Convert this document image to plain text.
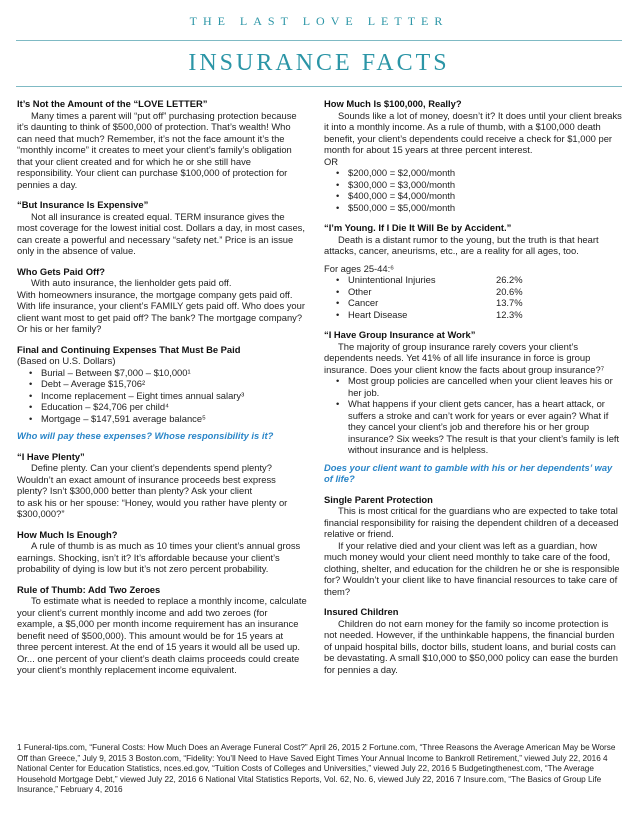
THE LAST LOVE LETTER
INSURANCE FACTS
It’s Not the Amount of the “LOVE LETTER”
Many times a parent will “put off” purchasing protection because it’s daunting to think of $500,000 of protection. That’s wealth! Who can need that much? Remember, it’s not the face amount it’s the “monthly income” it creates to meet your client’s family’s obligation that your client created and for which he or she still have responsibility. Your client can purchase $100,000 of protection for pennies a day.
“But Insurance Is Expensive”
Not all insurance is created equal. TERM insurance gives the most coverage for the lowest initial cost. Dollars a day, in most cases, can create a powerful and necessary “safety net.” Price is an issue only in the absence of value.
Who Gets Paid Off?
With auto insurance, the lienholder gets paid off.
With homeowners insurance, the mortgage company gets paid off. With life insurance, your client’s FAMILY gets paid off. Who does your client want most to get paid off? The bank? The mortgage company? Or his or her family?
Final and Continuing Expenses That Must Be Paid
(Based on U.S. Dollars)
• Burial – Between $7,000 – $10,000¹
• Debt – Average $15,706²
• Income replacement – Eight times annual salary³
• Education – $24,706 per child⁴
• Mortgage – $147,591 average balance⁵
Who will pay these expenses? Whose responsibility is it?
“I Have Plenty”
Define plenty. Can your client’s dependents spend plenty? Wouldn’t an exact amount of insurance proceeds best express plenty? Isn’t $300,000 better than plenty? Ask your client
to ask his or her spouse: “Honey, would you rather have plenty or $300,000?”
How Much Is Enough?
A rule of thumb is as much as 10 times your client’s annual gross earnings. Shocking, isn’t it? It’s affordable because your client’s probability of dying is low but it’s not zero percent probability.
Rule of Thumb: Add Two Zeroes
To estimate what is needed to replace a monthly income, calculate your client’s current monthly income and add two zeroes (for example, a $5,000 per month income requirement has an insurance benefit need of $500,000). This amount would be for 15 years at three percent interest. At the end of 15 years it would all be used up. Or... one percent of your client’s death claims proceeds could create your client’s monthly replacement income equivalent.
How Much Is $100,000, Really?
Sounds like a lot of money, doesn’t it? It does until your client breaks it into a monthly income. As a rule of thumb, with a $100,000 death benefit, your client’s dependents could receive a check for $1,000 per month for about 15 years at three percent interest.
OR
• $200,000 = $2,000/month
• $300,000 = $3,000/month
• $400,000 = $4,000/month
• $500,000 = $5,000/month
“I’m Young. If I Die It Will Be by Accident.”
Death is a distant rumor to the young, but the truth is that heart attacks, cancer, aneurisms, etc., are a reality for all ages, too.
For ages 25-44:⁶
• Unintentional Injuries	26.2%
• Other	20.6%
• Cancer	13.7%
• Heart Disease	12.3%
“I Have Group Insurance at Work”
The majority of group insurance rarely covers your client’s dependents needs. Yet 41% of all life insurance in force is group insurance. Does your client know the facts about group insurance?⁷
• Most group policies are cancelled when your client leaves his or her job.
• What happens if your client gets cancer, has a heart attack, or suffers a stroke and can’t work for years or ever again? What if they cancel your client’s job and therefore his or her group insurance? Six weeks? The result is that your client’s family is left without insurance and is helpless.
Does your client want to gamble with his or her dependents’ way of life?
Single Parent Protection
This is most critical for the guardians who are expected to take total financial responsibility for raising the dependent children of a deceased relative or friend.
If your relative died and your client was left as a guardian, how much money would your client need monthly to take care of the food, clothing, shelter, and education for the children he or she is responsible for? Wouldn’t your client like to have financial resources to take care of them?
Insured Children
Children do not earn money for the family so income protection is not needed. However, if the unthinkable happens, the financial burden of unpaid hospital bills, doctor bills, student loans, and burial costs can be devastating. A small $10,000 to $50,000 policy can ease the burden for pennies a day.
1 Funeral-tips.com, “Funeral Costs: How Much Does an Average Funeral Cost?” April 26, 2015 2 Fortune.com, “Three Reasons the Average American May be Worse Off than Greece,” July 9, 2015 3 Boston.com, “Fidelity: You’ll Need to Have Saved Eight Times Your Annual Income to Bankroll Retirement,” viewed July 22, 2016 4 National Center for Education Statistics, nces.ed.gov, “Tuition Costs of Colleges and Universities,” viewed July 22, 2016 5 Budgetingthenest.com, “The Average Household Mortgage Debt,” viewed July 22, 2016 6 National Vital Statistics Reports, Vol. 62, No. 6, viewed July 22, 2016 7 Insure.com, “The Basics of Group Life Insurance,” February 4, 2016
